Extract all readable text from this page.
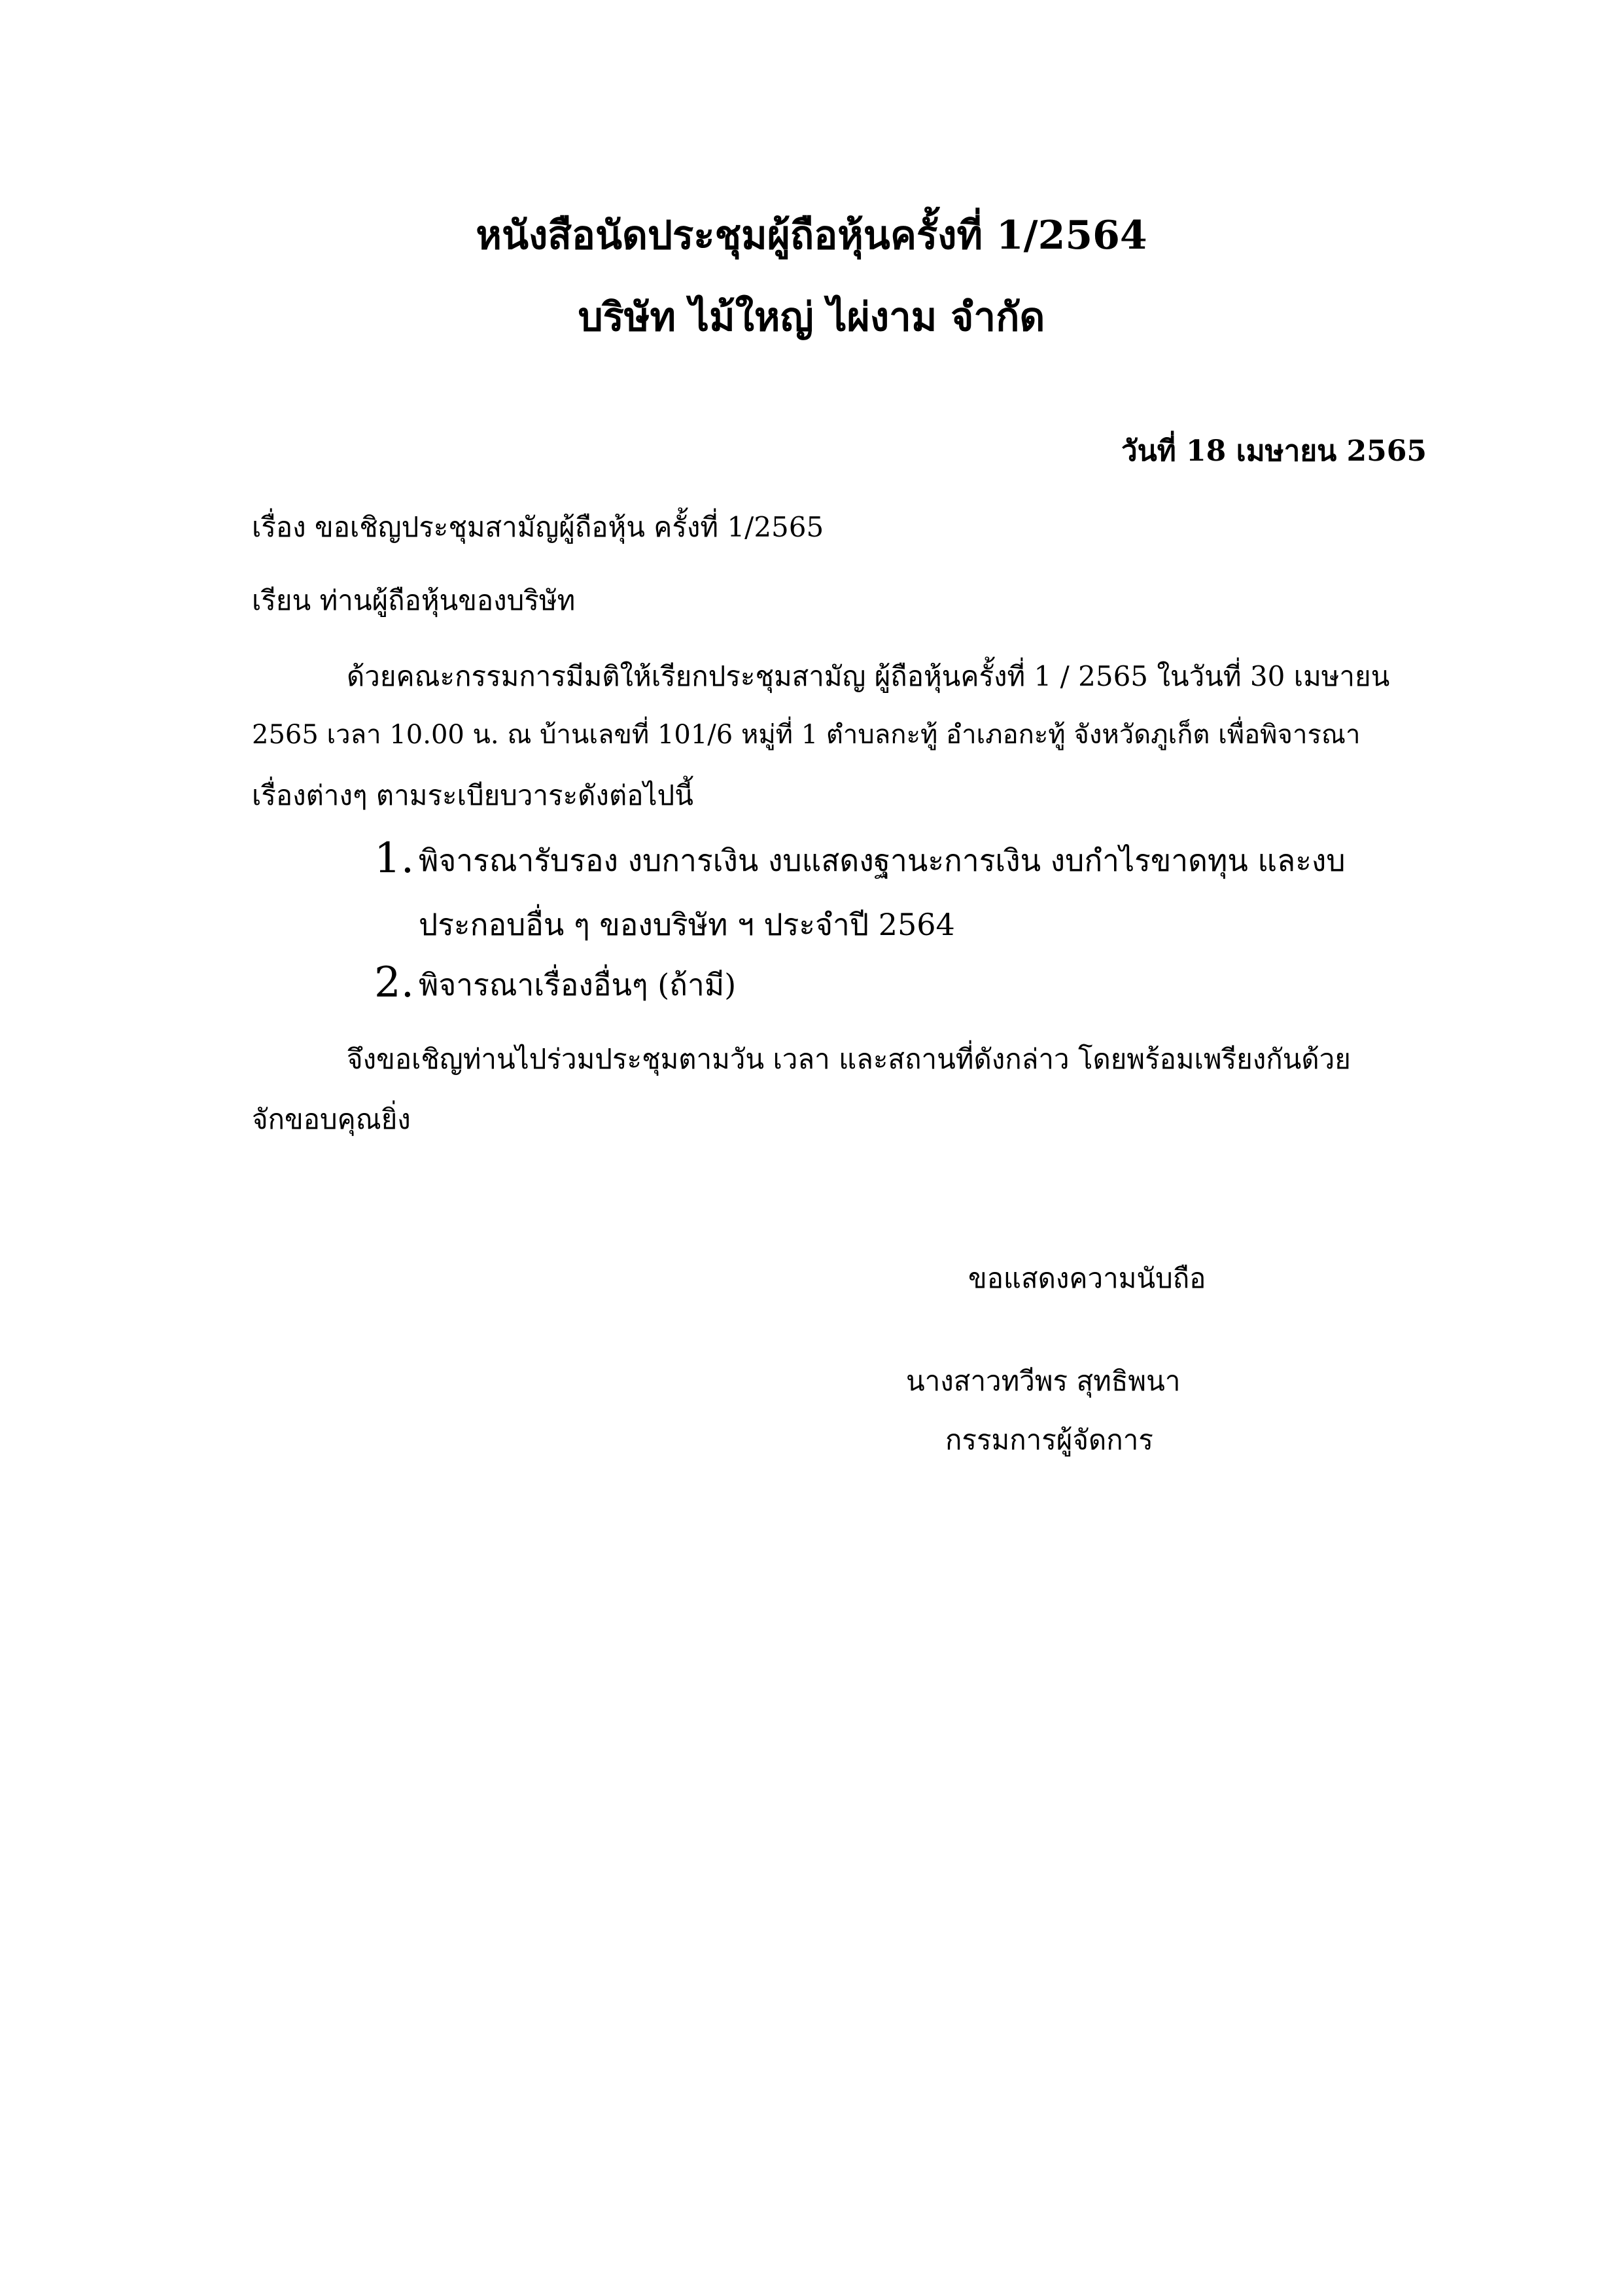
หนังสือนัดประชุมผู้ถือหุ้นครั้งที่ 1/2564
บริษัท ไม้ใหญ่ ไผ่งาม จำกัด
วันที่ 18 เมษายน 2565
เรื่อง ขอเชิญประชุมสามัญผู้ถือหุ้น ครั้งที่ 1/2565
เรียน ท่านผู้ถือหุ้นของบริษัท
ด้วยคณะกรรมการมีมติให้เรียกประชุมสามัญ ผู้ถือหุ้นครั้งที่ 1 / 2565 ในวันที่ 30 เมษายน
2565 เวลา 10.00 น. ณ บ้านเลขที่ 101/6 หมู่ที่ 1 ตำบลกะทู้ อำเภอกะทู้ จังหวัดภูเก็ต เพื่อพิจารณา
เรื่องต่างๆ ตามระเบียบวาระดังต่อไปนี้
1. พิจารณารับรอง งบการเงิน งบแสดงฐานะการเงิน งบกำไรขาดทุน และงบ
ประกอบอื่น ๆ ของบริษัท ฯ ประจำปี 2564
2. พิจารณาเรื่องอื่นๆ (ถ้ามี)
จึงขอเชิญท่านไปร่วมประชุมตามวัน เวลา และสถานที่ดังกล่าว โดยพร้อมเพรียงกันด้วย
จักขอบคุณยิ่ง
ขอแสดงความนับถือ
นางสาวทวีพร สุทธิพนา
กรรมการผู้จัดการ
